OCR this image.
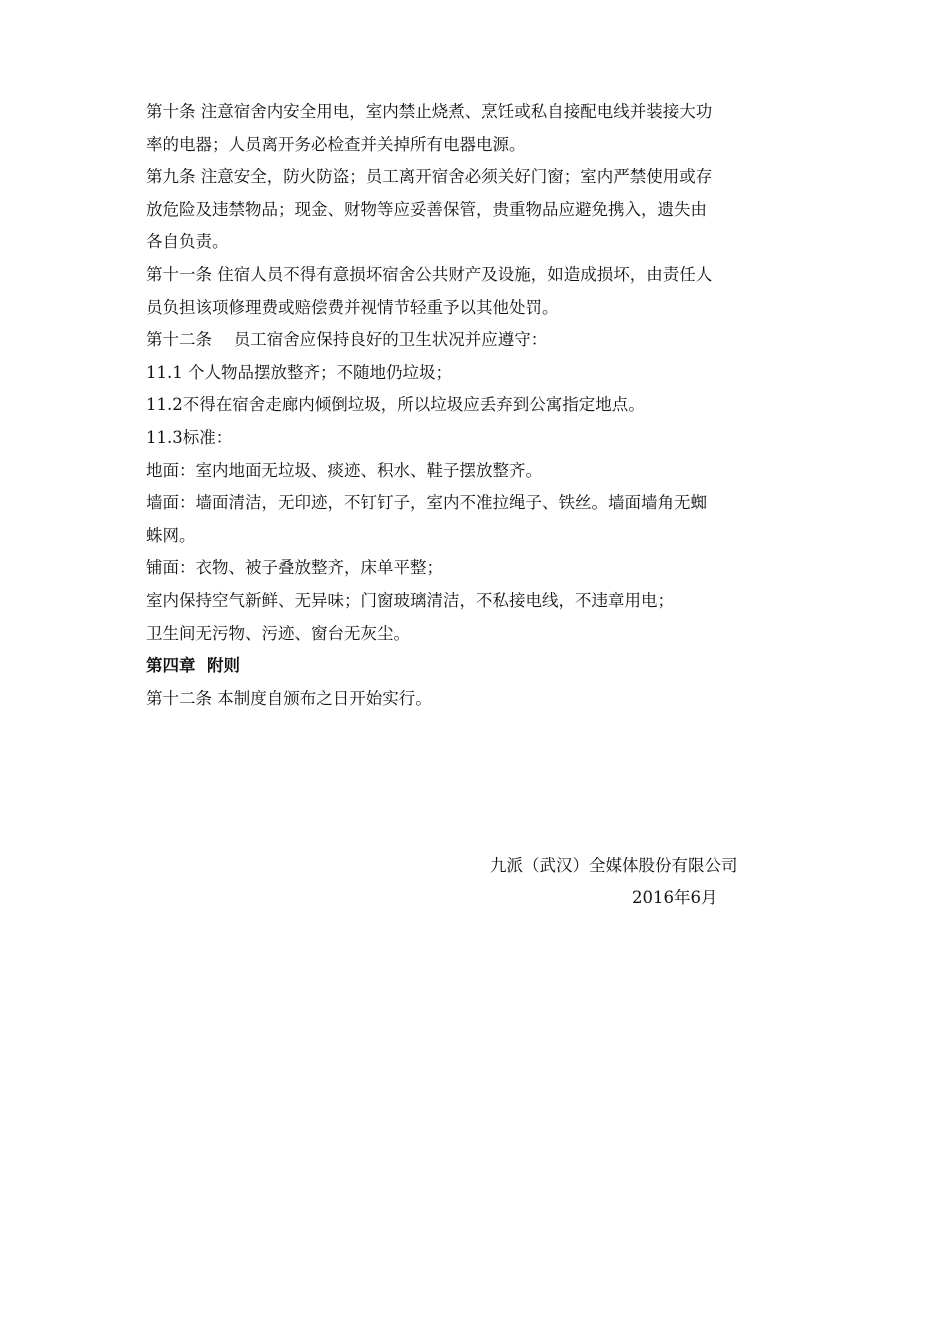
第十条 注意宿舍内安全用电，室内禁止烧煮、烹饪或私自接配电线并装接大功
率的电器；人员离开务必检查并关掉所有电器电源。
第九条 注意安全，防火防盗；员工离开宿舍必须关好门窗；室内严禁使用或存
放危险及违禁物品；现金、财物等应妥善保管，贵重物品应避免携入，遗失由
各自负责。
第十一条 住宿人员不得有意损坏宿舍公共财产及设施，如造成损坏，由责任人
员负担该项修理费或赔偿费并视情节轻重予以其他处罚。
第十二条　 员工宿舍应保持良好的卫生状况并应遵守：
11.1 个人物品摆放整齐；不随地仍垃圾；
11.2不得在宿舍走廊内倾倒垃圾，所以垃圾应丢弃到公寓指定地点。
11.3标准：
地面：室内地面无垃圾、痰迹、积水、鞋子摆放整齐。
墙面：墙面清洁，无印迹，不钉钉子，室内不准拉绳子、铁丝。墙面墙角无蜘
蛛网。
铺面：衣物、被子叠放整齐，床单平整；
室内保持空气新鲜、无异味；门窗玻璃清洁，不私接电线，不违章用电；
卫生间无污物、污迹、窗台无灰尘。
第四章  附则
第十二条 本制度自颁布之日开始实行。
九派（武汉）全媒体股份有限公司
2016年6月
